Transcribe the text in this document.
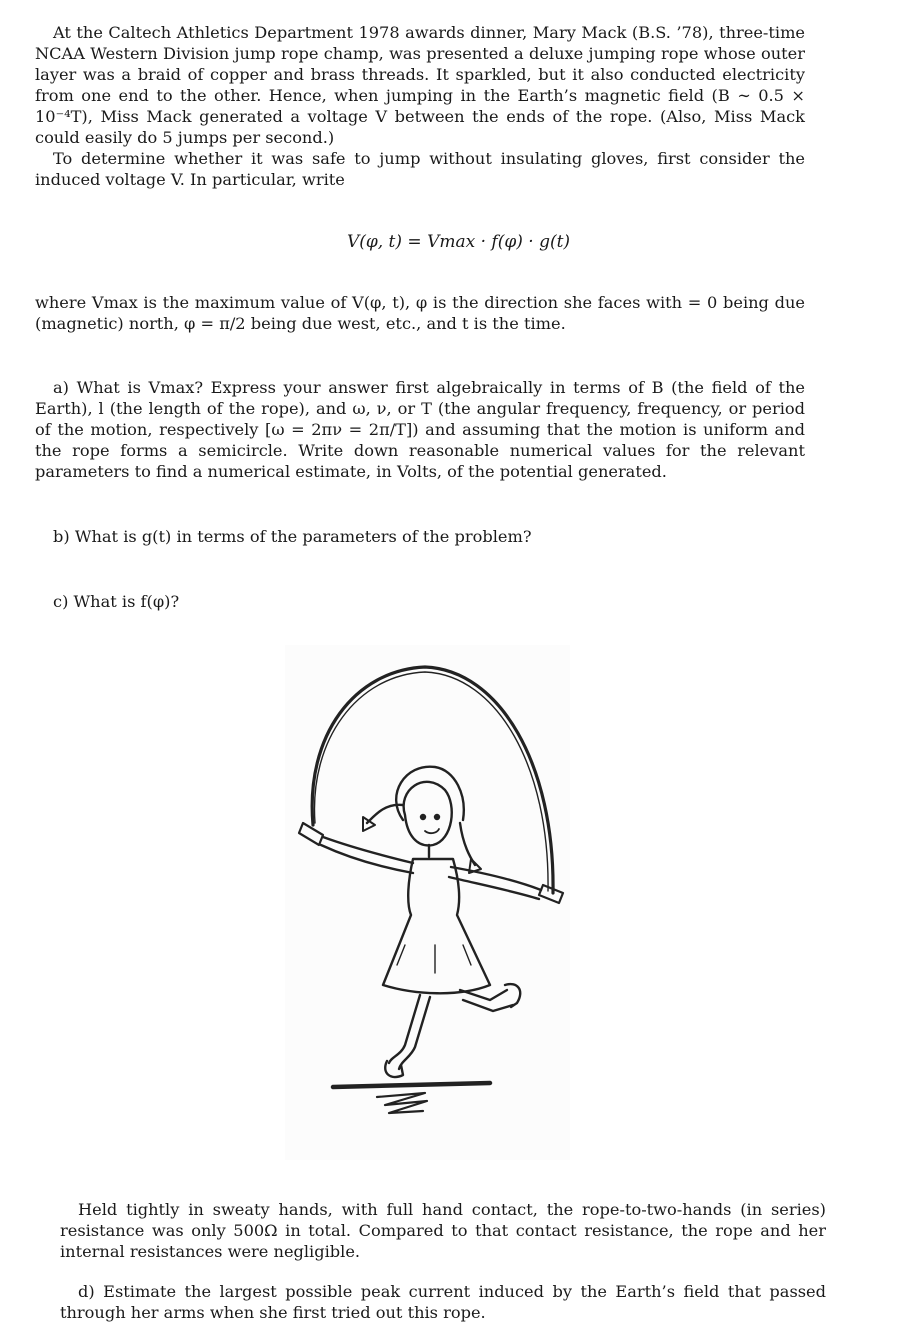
At the Caltech Athletics Department 1978 awards dinner, Mary Mack (B.S. ’78), three-time NCAA Western Division jump rope champ, was presented a deluxe jumping rope whose outer layer was a braid of copper and brass threads. It sparkled, but it also conducted electricity from one end to the other. Hence, when jumping in the Earth’s magnetic field (B ∼ 0.5 × 10⁻⁴T), Miss Mack generated a voltage V between the ends of the rope. (Also, Miss Mack could easily do 5 jumps per second.)

To determine whether it was safe to jump without insulating gloves, first consider the induced voltage V. In particular, write

V(φ, t) = Vmax · f(φ) · g(t)

where Vmax is the maximum value of V(φ, t), φ is the direction she faces with = 0 being due (magnetic) north, φ = π/2 being due west, etc., and t is the time.

a) What is Vmax? Express your answer first algebraically in terms of B (the field of the Earth), l (the length of the rope), and ω, ν, or T (the angular frequency, frequency, or period of the motion, respectively [ω = 2πν = 2π/T]) and assuming that the motion is uniform and the rope forms a semicircle. Write down reasonable numerical values for the relevant parameters to find a numerical estimate, in Volts, of the potential generated.

b) What is g(t) in terms of the parameters of the problem?

c) What is f(φ)?

Held tightly in sweaty hands, with full hand contact, the rope-to-two-hands (in series) resistance was only 500Ω in total. Compared to that contact resistance, the rope and her internal resistances were negligible.

d) Estimate the largest possible peak current induced by the Earth’s field that passed through her arms when she first tried out this rope.
